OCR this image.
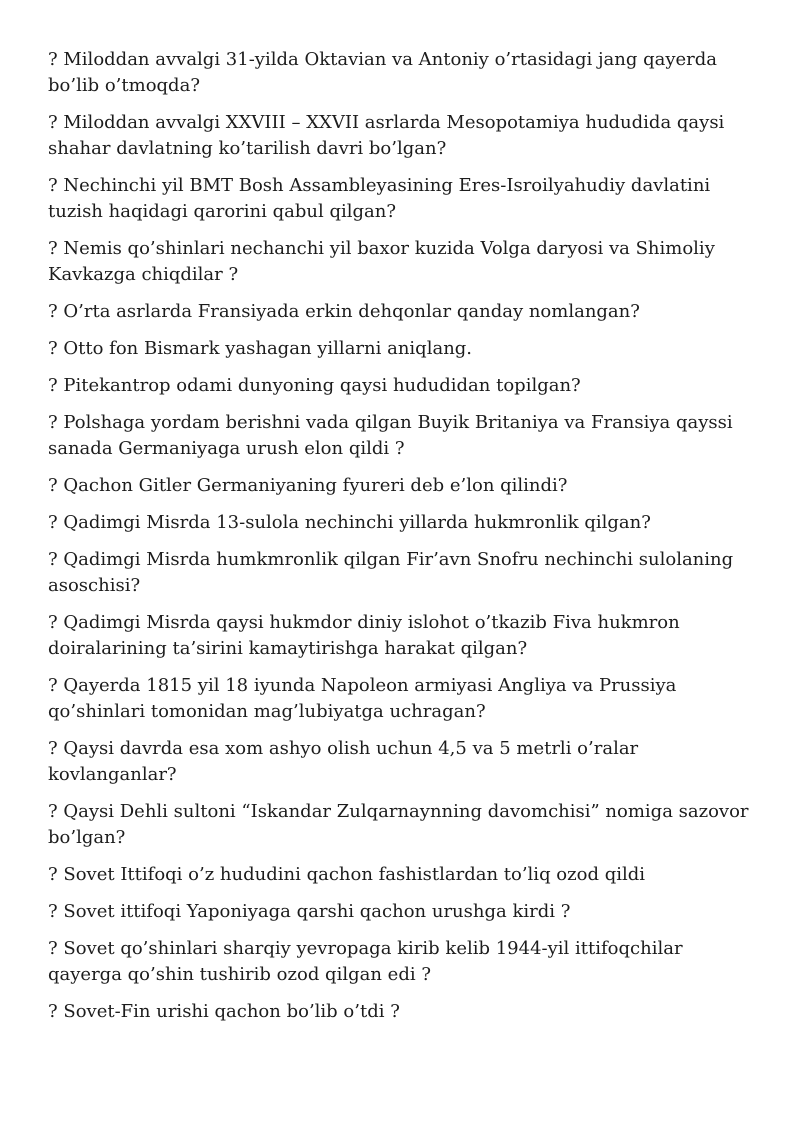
? Miloddan avvalgi 31-yilda Oktavian va Antoniy o’rtasidagi jang qayerda bo’lib o’tmoqda?

? Miloddan avvalgi XXVIII – XXVII asrlarda Mesopotamiya hududida qaysi shahar davlatning ko’tarilish davri bo’lgan?

? Nechinchi yil BMT Bosh Assambleyasining Eres-Isroilyahudiy davlatini tuzish haqidagi qarorini qabul qilgan?

? Nemis qo’shinlari nechanchi yil baxor kuzida Volga daryosi va Shimoliy Kavkazga chiqdilar ?

? O’rta asrlarda Fransiyada erkin dehqonlar qanday nomlangan?

? Otto fon Bismark yashagan yillarni aniqlang.

? Pitekantrop odami dunyoning qaysi hududidan topilgan?

? Polshaga yordam berishni vada qilgan Buyik Britaniya va Fransiya qayssi sanada Germaniyaga urush elon qildi ?

? Qachon Gitler Germaniyaning fyureri deb e’lon qilindi?

? Qadimgi Misrda 13-sulola nechinchi yillarda hukmronlik qilgan?

? Qadimgi Misrda humkmronlik qilgan Fir’avn Snofru nechinchi sulolaning asoschisi?

? Qadimgi Misrda qaysi hukmdor diniy islohot o’tkazib Fiva hukmron doiralarining ta’sirini kamaytirishga harakat qilgan?

? Qayerda 1815 yil 18 iyunda Napoleon armiyasi Angliya va Prussiya qo’shinlari tomonidan mag’lubiyatga uchragan?

? Qaysi davrda esa xom ashyo olish uchun 4,5 va 5 metrli o’ralar kovlanganlar?

? Qaysi Dehli sultoni “Iskandar Zulqarnaynning davomchisi” nomiga sazovor bo’lgan?

? Sovet Ittifoqi o’z hududini qachon fashistlardan to’liq ozod qildi

? Sovet ittifoqi Yaponiyaga qarshi qachon urushga kirdi ?

? Sovet qo’shinlari sharqiy yevropaga kirib kelib 1944-yil ittifoqchilar qayerga qo’shin tushirib ozod qilgan edi ?

? Sovet-Fin urishi qachon bo’lib o’tdi ?
